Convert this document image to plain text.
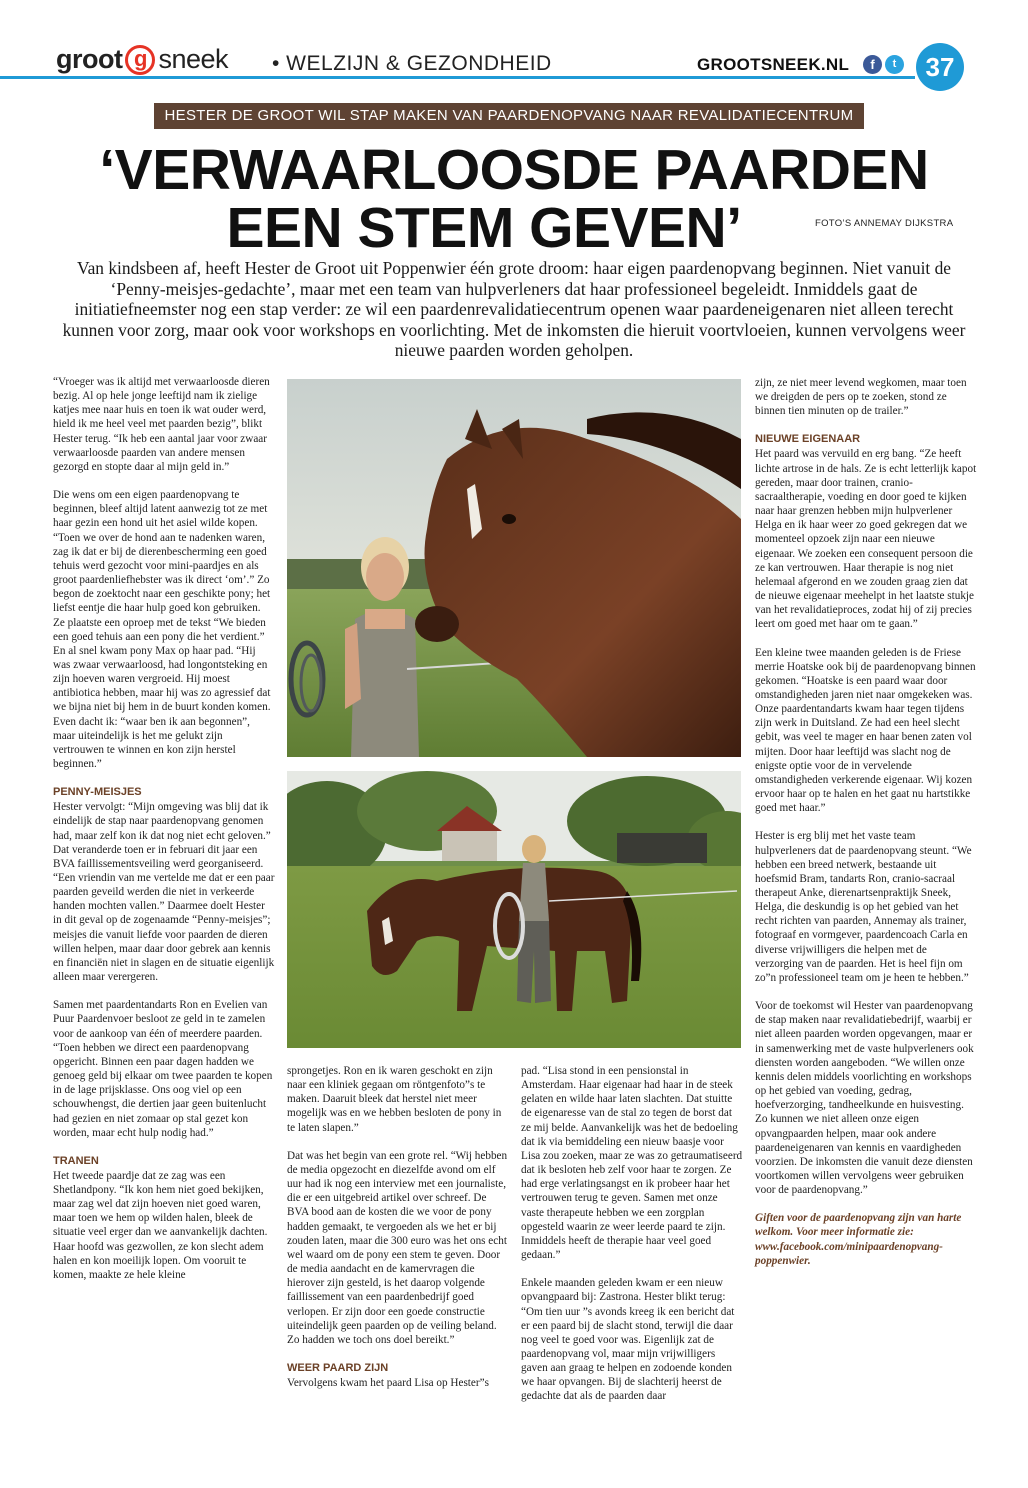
groot g sneek • WELZIJN & GEZONDHEID	GROOTSNEEK.NL	f	t	37
HESTER DE GROOT WIL STAP MAKEN VAN PAARDENOPVANG NAAR REVALIDATIECENTRUM
‘VERWAARLOOSDE PAARDEN
EEN STEM GEVEN’	FOTO’S ANNEMAY DIJKSTRA
Van kindsbeen af, heeft Hester de Groot uit Poppenwier één grote droom: haar eigen paardenopvang beginnen. Niet vanuit de ‘Penny-meisjes-gedachte’, maar met een team van hulpverleners dat haar professioneel begeleidt. Inmiddels gaat de initiatiefneemster nog een stap verder: ze wil een paardenrevalidatiecentrum openen waar paardeneigenaren niet alleen terecht kunnen voor zorg, maar ook voor workshops en voorlichting. Met de inkomsten die hieruit voortvloeien, kunnen vervolgens weer nieuwe paarden worden geholpen.

“Vroeger was ik altijd met verwaarloosde dieren bezig. Al op hele jonge leeftijd nam ik zielige katjes mee naar huis en toen ik wat ouder werd, hield ik me heel veel met paarden bezig”, blikt Hester terug. “Ik heb een aantal jaar voor zwaar verwaarloosde paarden van andere mensen gezorgd en stopte daar al mijn geld in.”

Die wens om een eigen paardenopvang te beginnen, bleef altijd latent aanwezig tot ze met haar gezin een hond uit het asiel wilde kopen. “Toen we over de hond aan te nadenken waren, zag ik dat er bij de dierenbescherming een goed tehuis werd gezocht voor mini-paardjes en als groot paardenliefhebster was ik direct ‘om’.” Zo begon de zoektocht naar een geschikte pony; het liefst eentje die haar hulp goed kon gebruiken. Ze plaatste een oproep met de tekst “We bieden een goed tehuis aan een pony die het verdient.” En al snel kwam pony Max op haar pad. “Hij was zwaar verwaarloosd, had longontsteking en zijn hoeven waren vergroeid. Hij moest antibiotica hebben, maar hij was zo agressief dat we bijna niet bij hem in de buurt konden komen. Even dacht ik: “waar ben ik aan begonnen”, maar uiteindelijk is het me gelukt zijn vertrouwen te winnen en kon zijn herstel beginnen.”

PENNY-MEISJES

Hester vervolgt: “Mijn omgeving was blij dat ik eindelijk de stap naar paardenopvang genomen had, maar zelf kon ik dat nog niet echt geloven.” Dat veranderde toen er in februari dit jaar een BVA faillissementsveiling werd georganiseerd. “Een vriendin van me vertelde me dat er een paar paarden geveild werden die niet in verkeerde handen mochten vallen.” Daarmee doelt Hester in dit geval op de zogenaamde “Penny-meisjes”; meisjes die vanuit liefde voor paarden de dieren willen helpen, maar daar door gebrek aan kennis en financiën niet in slagen en de situatie eigenlijk alleen maar verergeren.

Samen met paardentandarts Ron en Evelien van Puur Paardenvoer besloot ze geld in te zamelen voor de aankoop van één of meerdere paarden. “Toen hebben we direct een paardenopvang opgericht. Binnen een paar dagen hadden we genoeg geld bij elkaar om twee paarden te kopen in de lage prijsklasse. Ons oog viel op een schouwhengst, die dertien jaar geen buitenlucht had gezien en niet zomaar op stal gezet kon worden, maar echt hulp nodig had.”

TRANEN

Het tweede paardje dat ze zag was een Shetlandpony. “Ik kon hem niet goed bekijken, maar zag wel dat zijn hoeven niet goed waren, maar toen we hem op wilden halen, bleek de situatie veel erger dan we aanvankelijk dachten. Haar hoofd was gezwollen, ze kon slecht adem halen en kon moeilijk lopen. Om vooruit te komen, maakte ze hele kleine

sprongetjes. Ron en ik waren geschokt en zijn naar een kliniek gegaan om röntgenfoto”s te maken. Daaruit bleek dat herstel niet meer mogelijk was en we hebben besloten de pony in te laten slapen.”

Dat was het begin van een grote rel. “Wij hebben de media opgezocht en diezelfde avond om elf uur had ik nog een interview met een journaliste, die er een uitgebreid artikel over schreef. De BVA bood aan de kosten die we voor de pony hadden gemaakt, te vergoeden als we het er bij zouden laten, maar die 300 euro was het ons echt wel waard om de pony een stem te geven. Door de media aandacht en de kamervragen die hierover zijn gesteld, is het daarop volgende faillissement van een paardenbedrijf goed verlopen. Er zijn door een goede constructie uiteindelijk geen paarden op de veiling beland. Zo hadden we toch ons doel bereikt.”

WEER PAARD ZIJN

Vervolgens kwam het paard Lisa op Hester”s

pad. “Lisa stond in een pensionstal in Amsterdam. Haar eigenaar had haar in de steek gelaten en wilde haar laten slachten. Dat stuitte de eigenaresse van de stal zo tegen de borst dat ze mij belde. Aanvankelijk was het de bedoeling dat ik via bemiddeling een nieuw baasje voor Lisa zou zoeken, maar ze was zo getraumatiseerd dat ik besloten heb zelf voor haar te zorgen. Ze had erge verlatingsangst en ik probeer haar het vertrouwen terug te geven. Samen met onze vaste therapeute hebben we een zorgplan opgesteld waarin ze weer leerde paard te zijn. Inmiddels heeft de therapie haar veel goed gedaan.”

Enkele maanden geleden kwam er een nieuw opvangpaard bij: Zastrona. Hester blikt terug: “Om tien uur ”s avonds kreeg ik een bericht dat er een paard bij de slacht stond, terwijl die daar nog veel te goed voor was. Eigenlijk zat de paardenopvang vol, maar mijn vrijwilligers gaven aan graag te helpen en zodoende konden we haar opvangen. Bij de slachterij heerst de gedachte dat als de paarden daar

zijn, ze niet meer levend wegkomen, maar toen we dreigden de pers op te zoeken, stond ze binnen tien minuten op de trailer.”

NIEUWE EIGENAAR

Het paard was vervuild en erg bang. “Ze heeft lichte artrose in de hals. Ze is echt letterlijk kapot gereden, maar door trainen, cranio-sacraaltherapie, voeding en door goed te kijken naar haar grenzen hebben mijn hulpverlener Helga en ik haar weer zo goed gekregen dat we momenteel opzoek zijn naar een nieuwe eigenaar. We zoeken een consequent persoon die ze kan vertrouwen. Haar therapie is nog niet helemaal afgerond en we zouden graag zien dat de nieuwe eigenaar meehelpt in het laatste stukje van het revalidatieproces, zodat hij of zij precies leert om goed met haar om te gaan.”

Een kleine twee maanden geleden is de Friese merrie Hoatske ook bij de paardenopvang binnen gekomen. “Hoatske is een paard waar door omstandigheden jaren niet naar omgekeken was. Onze paardentandarts kwam haar tegen tijdens zijn werk in Duitsland. Ze had een heel slecht gebit, was veel te mager en haar benen zaten vol mijten. Door haar leeftijd was slacht nog de enigste optie voor de in vervelende omstandigheden verkerende eigenaar. Wij kozen ervoor haar op te halen en het gaat nu hartstikke goed met haar.”

Hester is erg blij met het vaste team hulpverleners dat de paardenopvang steunt. “We hebben een breed netwerk, bestaande uit hoefsmid Bram, tandarts Ron, cranio-sacraal therapeut Anke, dierenartsenpraktijk Sneek, Helga, die deskundig is op het gebied van het recht richten van paarden, Annemay als trainer, fotograaf en vormgever, paardencoach Carla en diverse vrijwilligers die helpen met de verzorging van de paarden. Het is heel fijn om zo”n professioneel team om je heen te hebben.”

Voor de toekomst wil Hester van paardenopvang de stap maken naar revalidatiebedrijf, waarbij er niet alleen paarden worden opgevangen, maar er in samenwerking met de vaste hulpverleners ook diensten worden aangeboden. “We willen onze kennis delen middels voorlichting en workshops op het gebied van voeding, gedrag, hoefverzorging, tandheelkunde en huisvesting. Zo kunnen we niet alleen onze eigen opvangpaarden helpen, maar ook andere paardeneigenaren van kennis en vaardigheden voorzien. De inkomsten die vanuit deze diensten voortkomen willen vervolgens weer gebruiken voor de paardenopvang.”

Giften voor de paardenopvang zijn van harte welkom. Voor meer informatie zie: www.facebook.com/minipaardenopvang-poppenwier.
